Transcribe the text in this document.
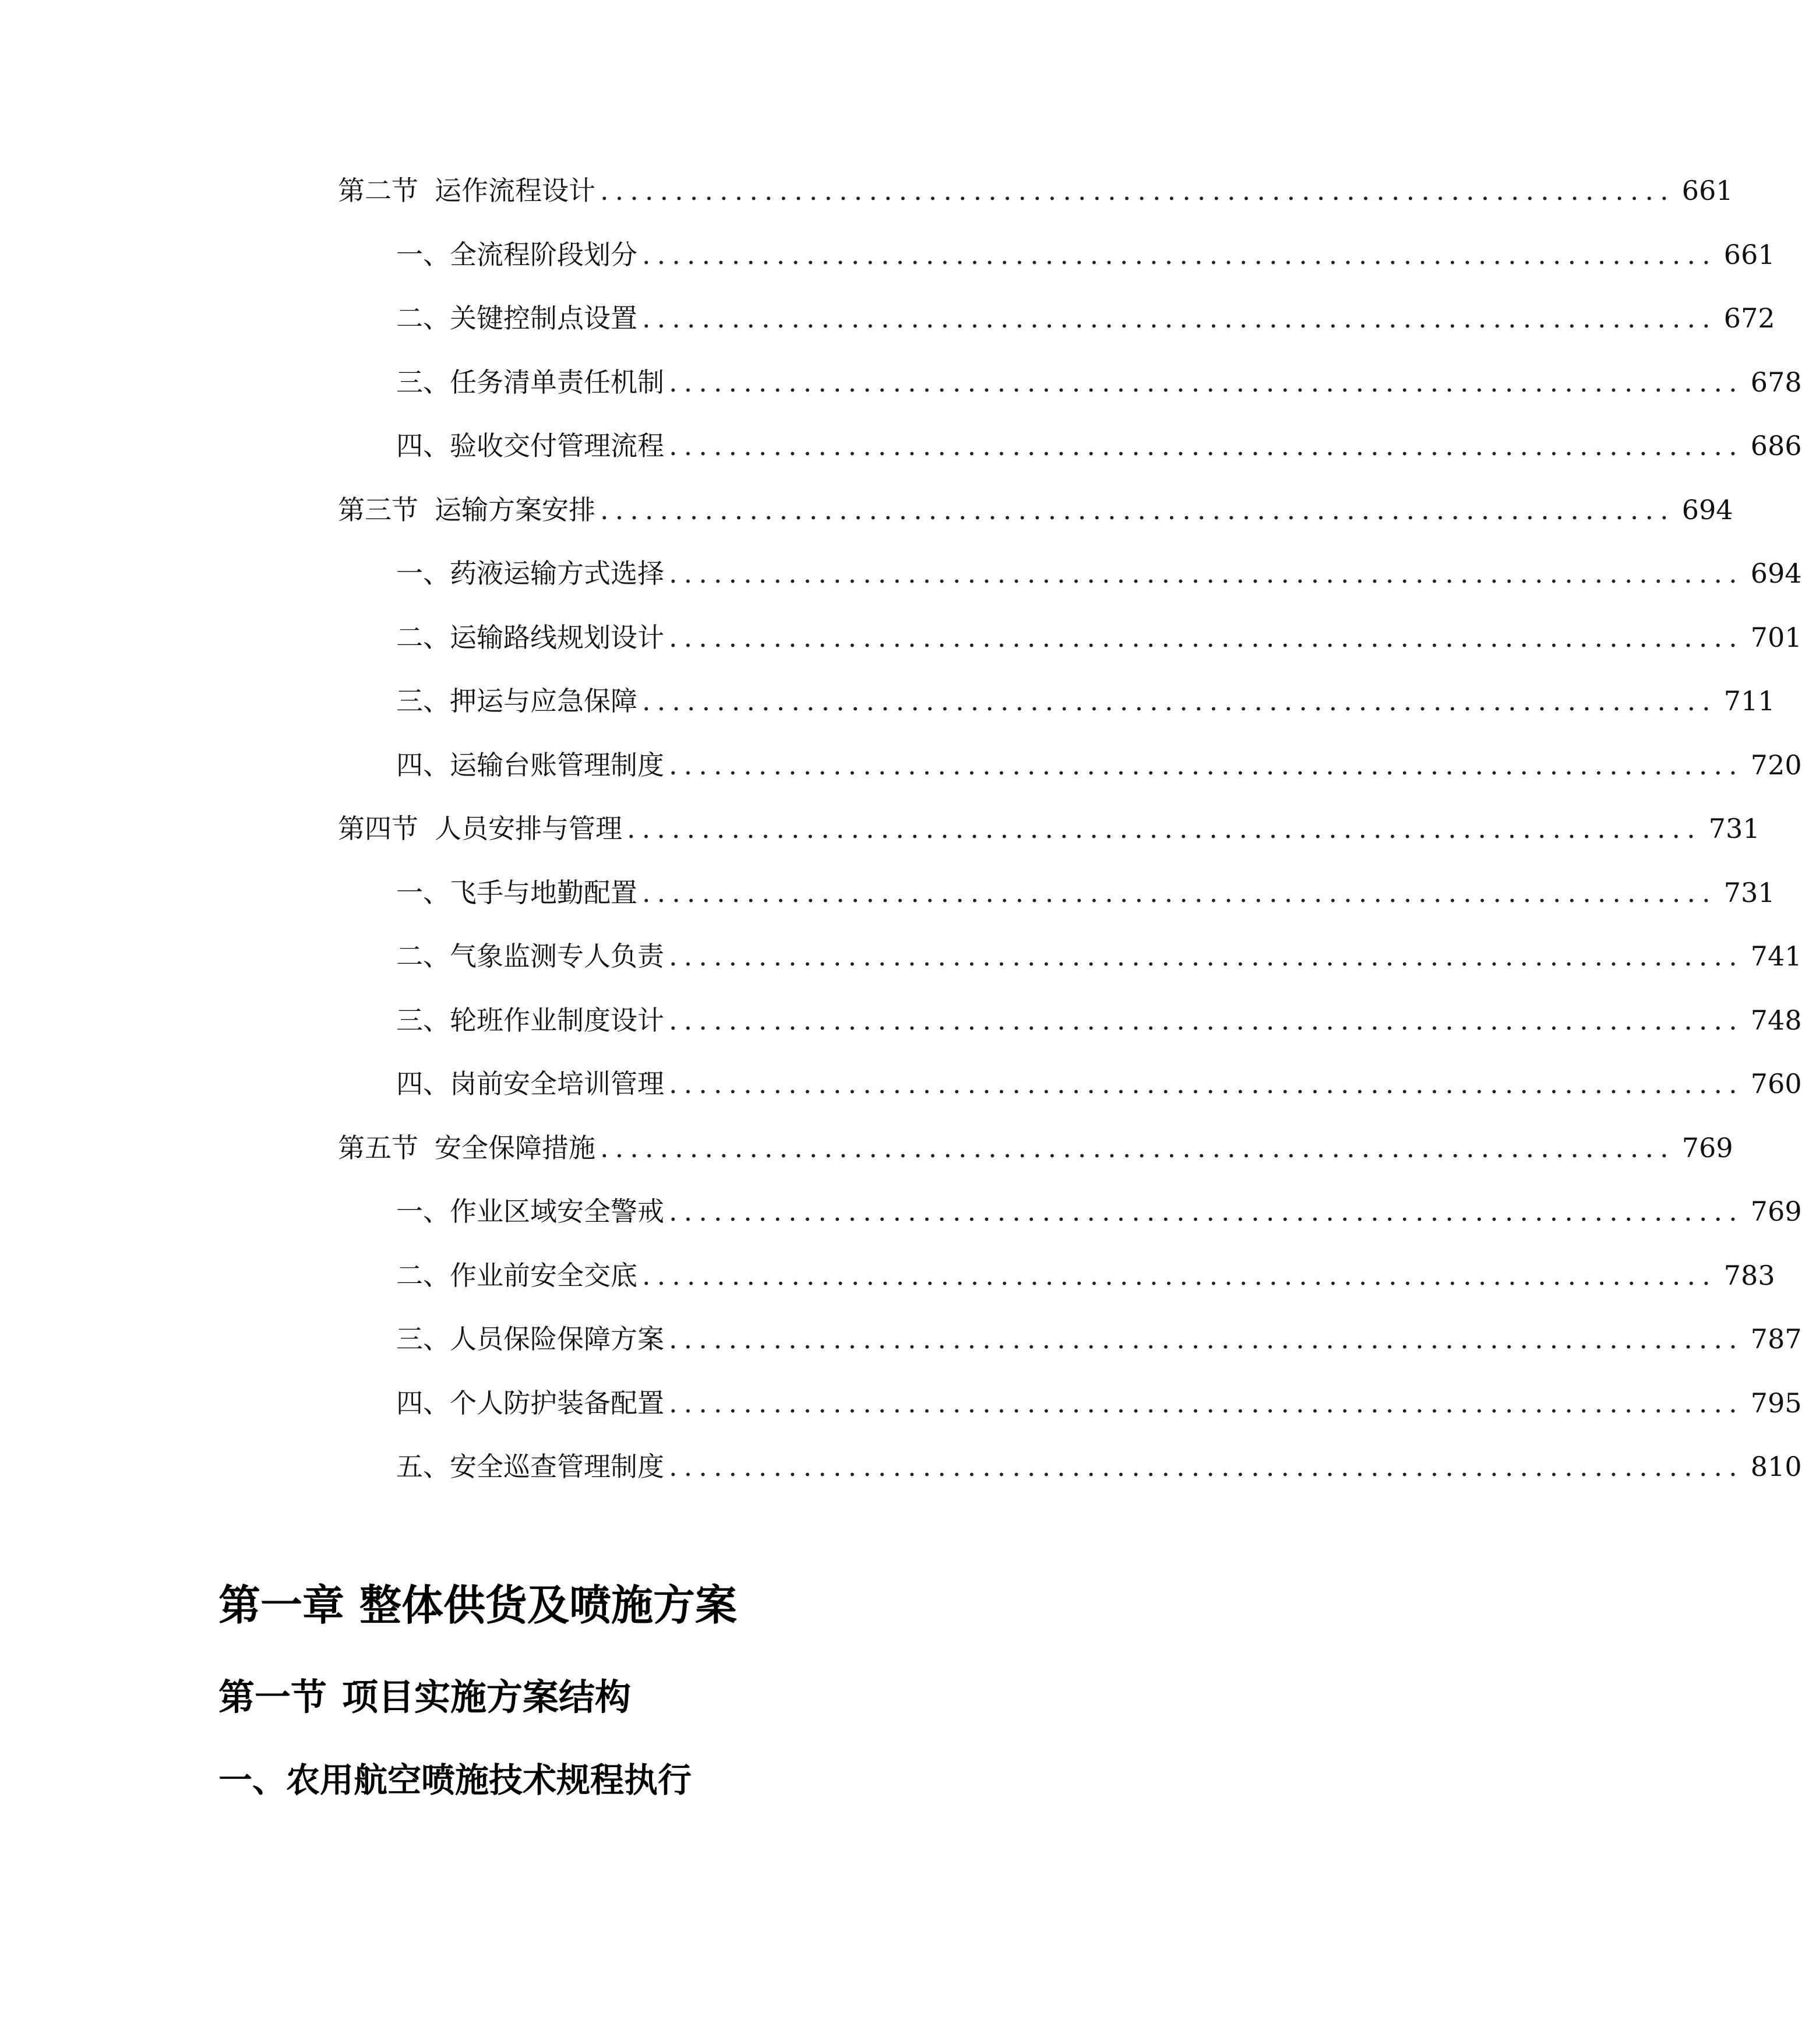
第二节 运作流程设计 ........................................................................ 661
一、 全流程阶段划分 ........................................................................ 661
二、 关键控制点设置 ........................................................................ 672
三、 任务清单责任机制 ........................................................................ 678
四、 验收交付管理流程 ........................................................................ 686
第三节 运输方案安排 ........................................................................ 694
一、 药液运输方式选择 ........................................................................ 694
二、 运输路线规划设计 ........................................................................ 701
三、 押运与应急保障 ........................................................................ 711
四、 运输台账管理制度 ........................................................................ 720
第四节 人员安排与管理 ........................................................................ 731
一、 飞手与地勤配置 ........................................................................ 731
二、 气象监测专人负责 ........................................................................ 741
三、 轮班作业制度设计 ........................................................................ 748
四、 岗前安全培训管理 ........................................................................ 760
第五节 安全保障措施 ........................................................................ 769
一、 作业区域安全警戒 ........................................................................ 769
二、 作业前安全交底 ........................................................................ 783
三、 人员保险保障方案 ........................................................................ 787
四、 个人防护装备配置 ........................................................................ 795
五、 安全巡查管理制度 ........................................................................ 810
第一章 整体供货及喷施方案
第一节 项目实施方案结构
一、农用航空喷施技术规程执行
